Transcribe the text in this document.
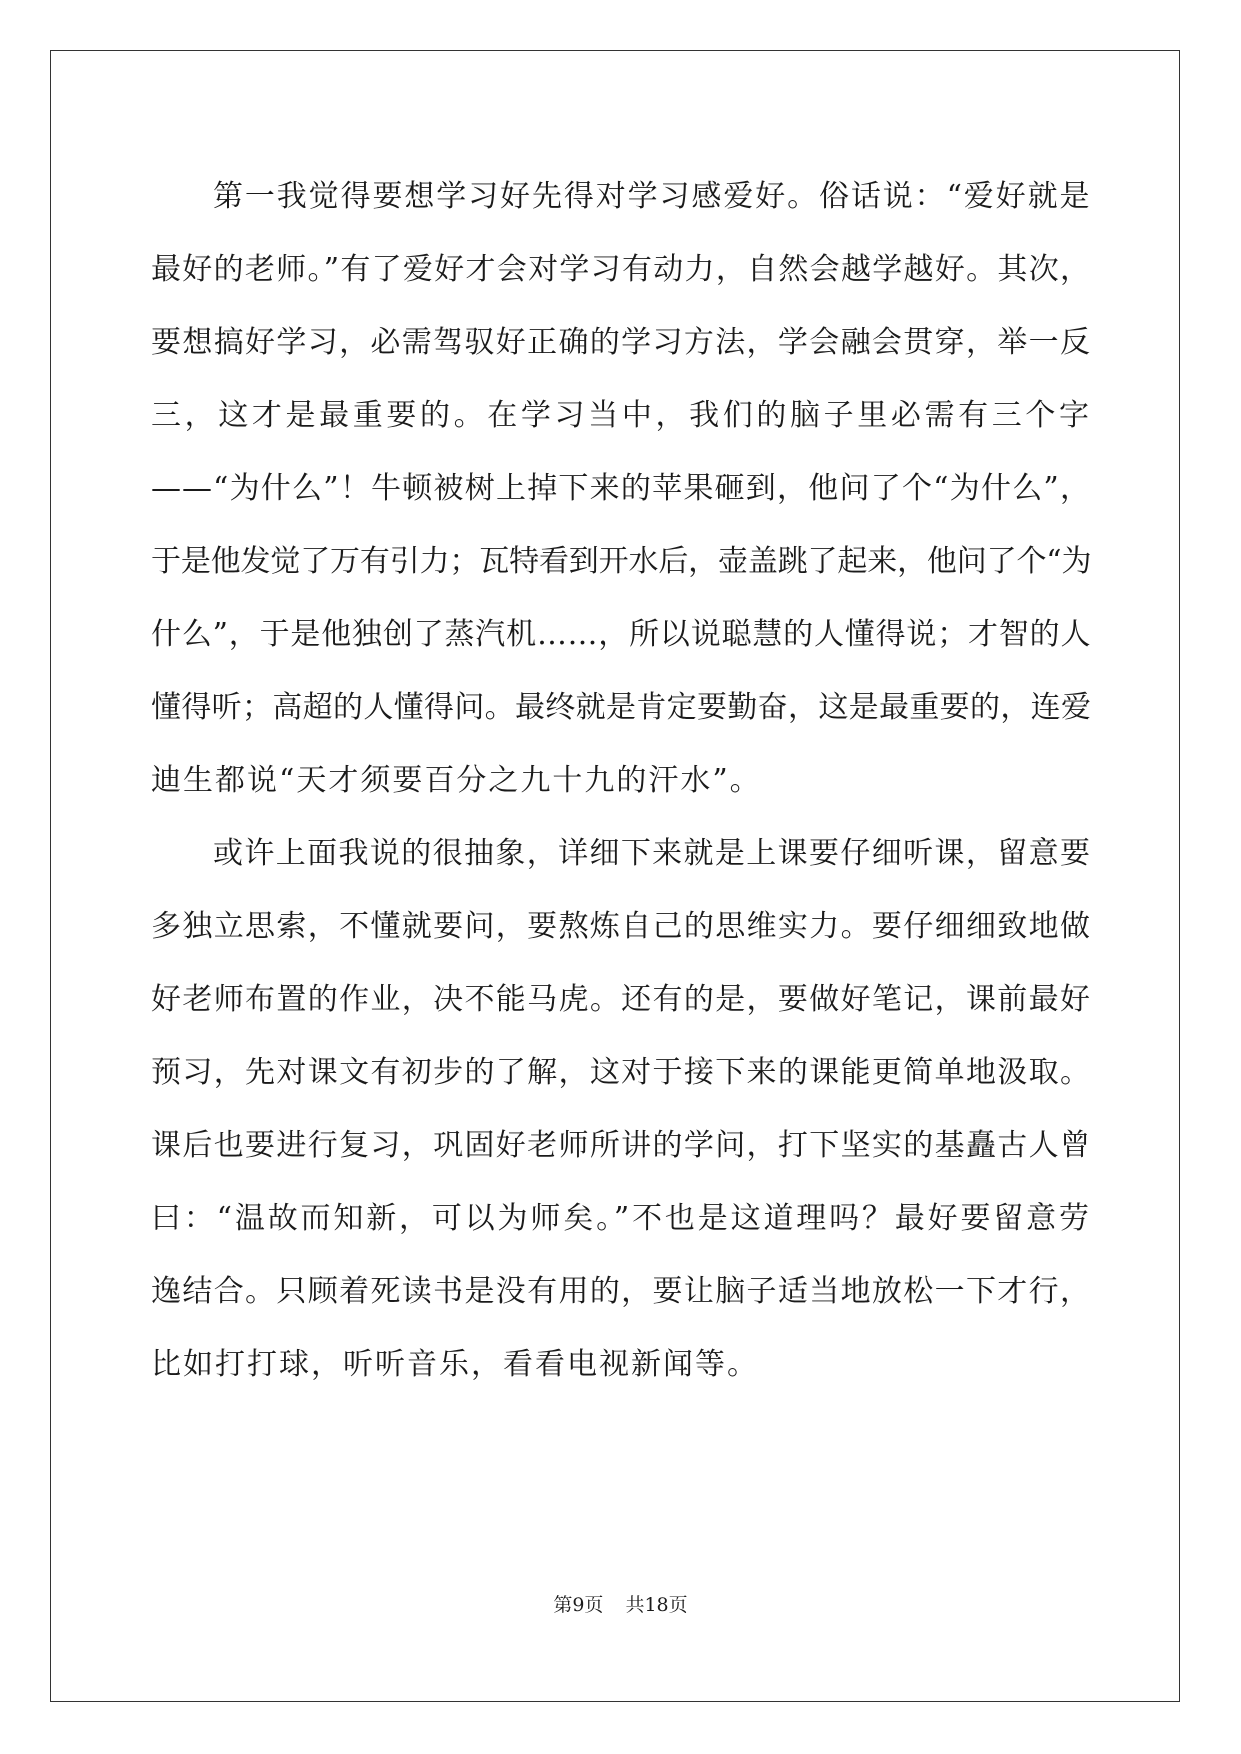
第一我觉得要想学习好先得对学习感爱好。俗话说：“爱好就是
最好的老师。”有了爱好才会对学习有动力，自然会越学越好。其次，
要想搞好学习，必需驾驭好正确的学习方法，学会融会贯穿，举一反
三，这才是最重要的。在学习当中，我们的脑子里必需有三个字
——“为什么”！牛顿被树上掉下来的苹果砸到，他问了个“为什么”，
于是他发觉了万有引力；瓦特看到开水后，壶盖跳了起来，他问了个“为
什么”，于是他独创了蒸汽机……，所以说聪慧的人懂得说；才智的人
懂得听；高超的人懂得问。最终就是肯定要勤奋，这是最重要的，连爱
迪生都说“天才须要百分之九十九的汗水”。
或许上面我说的很抽象，详细下来就是上课要仔细听课，留意要
多独立思索，不懂就要问，要熬炼自己的思维实力。要仔细细致地做
好老师布置的作业，决不能马虎。还有的是，要做好笔记，课前最好
预习，先对课文有初步的了解，这对于接下来的课能更简单地汲取。
课后也要进行复习，巩固好老师所讲的学问，打下坚实的基矗古人曾
曰：“温故而知新，可以为师矣。”不也是这道理吗？最好要留意劳
逸结合。只顾着死读书是没有用的，要让脑子适当地放松一下才行，
比如打打球，听听音乐，看看电视新闻等。
第9页 共18页
